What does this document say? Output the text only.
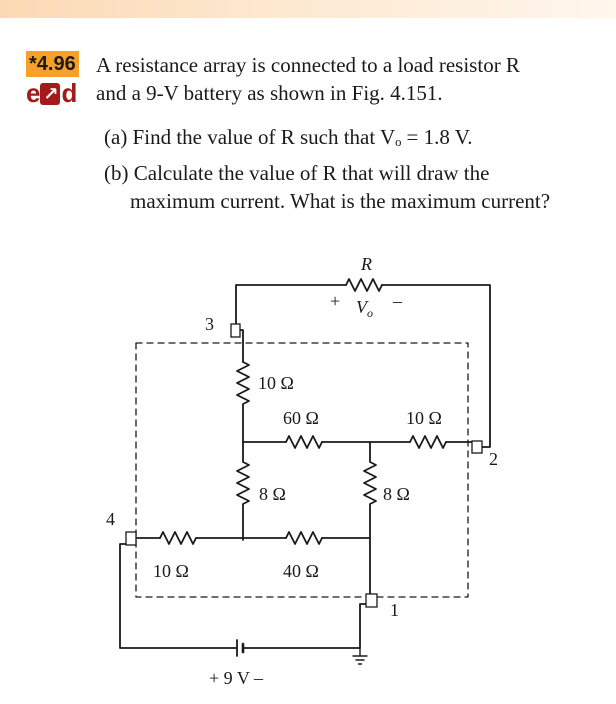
*4.96
e ↗ d
A resistance array is connected to a load resistor R
and a 9-V battery as shown in Fig. 4.151.
(a) Find the value of R such that Vₒ = 1.8 V.
(b) Calculate the value of R that will draw the
maximum current. What is the maximum current?
R
+ $V_o$
–
3
2
4
1
10 Ω
60 Ω	10 Ω
8 Ω	8 Ω
10 Ω	40 Ω
+ 9 V –
